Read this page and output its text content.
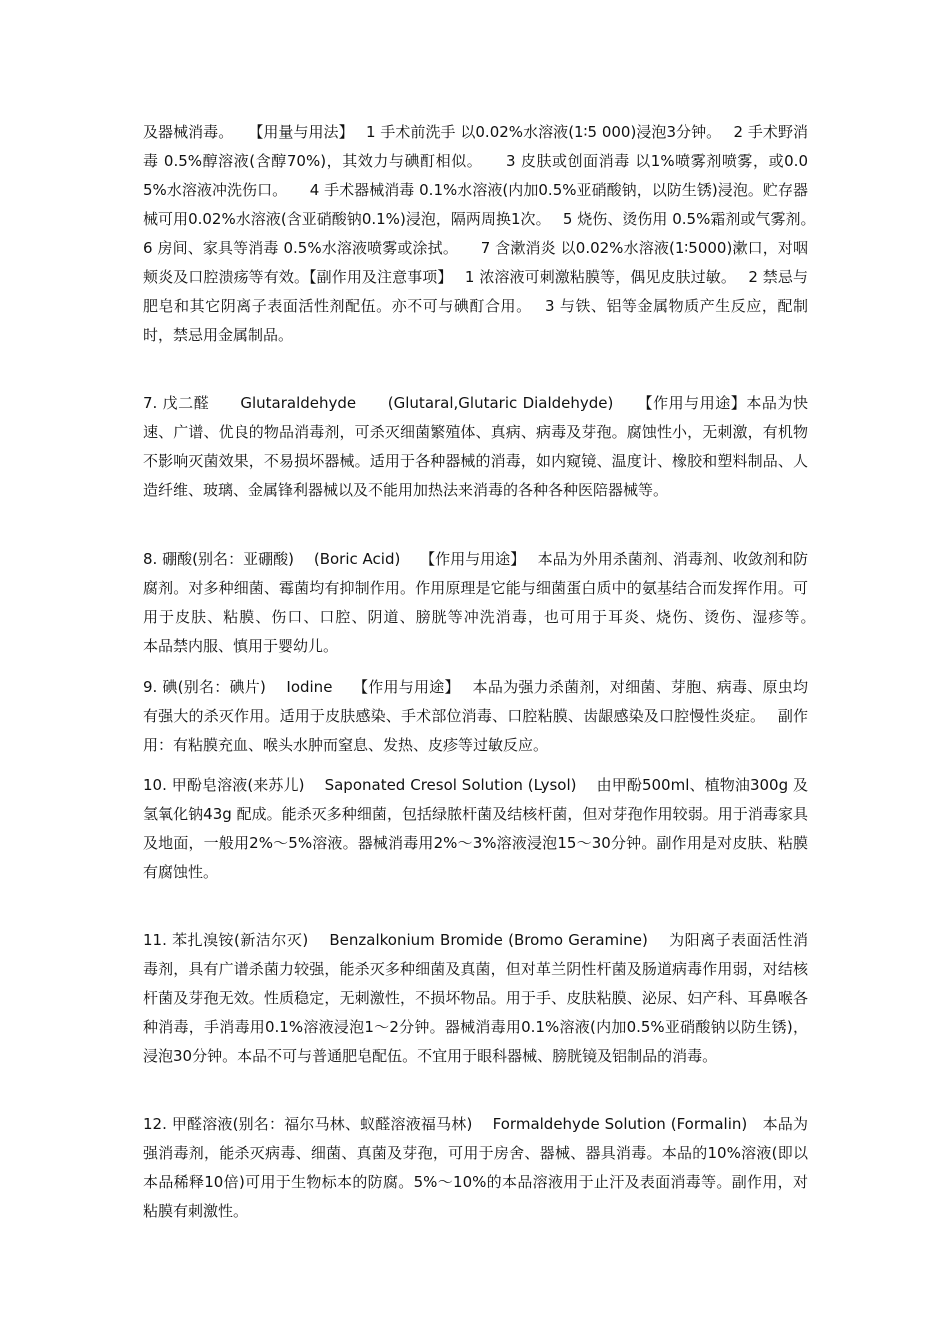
及器械消毒。　　【用量与用法】　 1 手术前洗手 以0.02%水溶液(1∶5 000)浸泡3分钟。　 2 手术野消毒 0.5%醇溶液(含醇70%)，其效力与碘酊相似。　　3 皮肤或创面消毒 以1%喷雾剂喷雾，或0.05%水溶液冲洗伤口。　　4 手术器械消毒 0.1%水溶液(内加0.5%亚硝酸钠，以防生锈)浸泡。贮存器械可用0.02%水溶液(含亚硝酸钠0.1%)浸泡，隔两周换1次。　 5 烧伤、烫伤用 0.5%霜剂或气雾剂。　　6 房间、家具等消毒 0.5%水溶液喷雾或涂拭。　　7 含漱消炎 以0.02%水溶液(1∶5000)漱口，对咽颊炎及口腔溃疡等有效。【副作用及注意事项】　 1 浓溶液可刺激粘膜等，偶见皮肤过敏。　 2 禁忌与肥皂和其它阴离子表面活性剂配伍。亦不可与碘酊合用。　 3 与铁、铝等金属物质产生反应，配制时，禁忌用金属制品。

7. 戊二醛　　Glutaraldehyde　　(Glutaral,Glutaric Dialdehyde)　　【作用与用途】本品为快速、广谱、优良的物品消毒剂，可杀灭细菌繁殖体、真病、病毒及芽孢。腐蚀性小，无刺激，有机物不影响灭菌效果，不易损坏器械。适用于各种器械的消毒，如内窥镜、温度计、橡胶和塑料制品、人造纤维、玻璃、金属锋利器械以及不能用加热法来消毒的各种各种医陪器械等。

8. 硼酸(别名：亚硼酸)　 (Boric Acid)　 【作用与用途】　 本品为外用杀菌剂、消毒剂、收敛剂和防腐剂。对多种细菌、霉菌均有抑制作用。作用原理是它能与细菌蛋白质中的氨基结合而发挥作用。可用于皮肤、粘膜、伤口、口腔、阴道、膀胱等冲洗消毒，也可用于耳炎、烧伤、烫伤、湿疹等。　　本品禁内服、慎用于婴幼儿。

9. 碘(别名：碘片)　 Iodine　 【作用与用途】　 本品为强力杀菌剂，对细菌、芽胞、病毒、原虫均有强大的杀灭作用。适用于皮肤感染、手术部位消毒、口腔粘膜、齿龈感染及口腔慢性炎症。　 副作用：有粘膜充血、喉头水肿而窒息、发热、皮疹等过敏反应。

10. 甲酚皂溶液(来苏儿)　 Saponated Cresol Solution (Lysol)　 由甲酚500ml、植物油300g 及氢氧化钠43g 配成。能杀灭多种细菌，包括绿脓杆菌及结核杆菌，但对芽孢作用较弱。用于消毒家具及地面，一般用2%～5%溶液。器械消毒用2%～3%溶液浸泡15～30分钟。副作用是对皮肤、粘膜有腐蚀性。

11. 苯扎溴铵(新洁尔灭)　 Benzalkonium Bromide (Bromo Geramine)　 为阳离子表面活性消毒剂，具有广谱杀菌力较强，能杀灭多种细菌及真菌，但对革兰阴性杆菌及肠道病毒作用弱，对结核杆菌及芽孢无效。性质稳定，无刺激性，不损坏物品。用于手、皮肤粘膜、泌尿、妇产科、耳鼻喉各种消毒，手消毒用0.1%溶液浸泡1～2分钟。器械消毒用0.1%溶液(内加0.5%亚硝酸钠以防生锈)，浸泡30分钟。本品不可与普通肥皂配伍。不宜用于眼科器械、膀胱镜及铝制品的消毒。

12. 甲醛溶液(别名：福尔马林、蚁醛溶液福马林)　 Formaldehyde Solution (Formalin)　本品为强消毒剂，能杀灭病毒、细菌、真菌及芽孢，可用于房舍、器械、器具消毒。本品的10%溶液(即以本品稀释10倍)可用于生物标本的防腐。5%～10%的本品溶液用于止汗及表面消毒等。副作用，对粘膜有刺激性。
